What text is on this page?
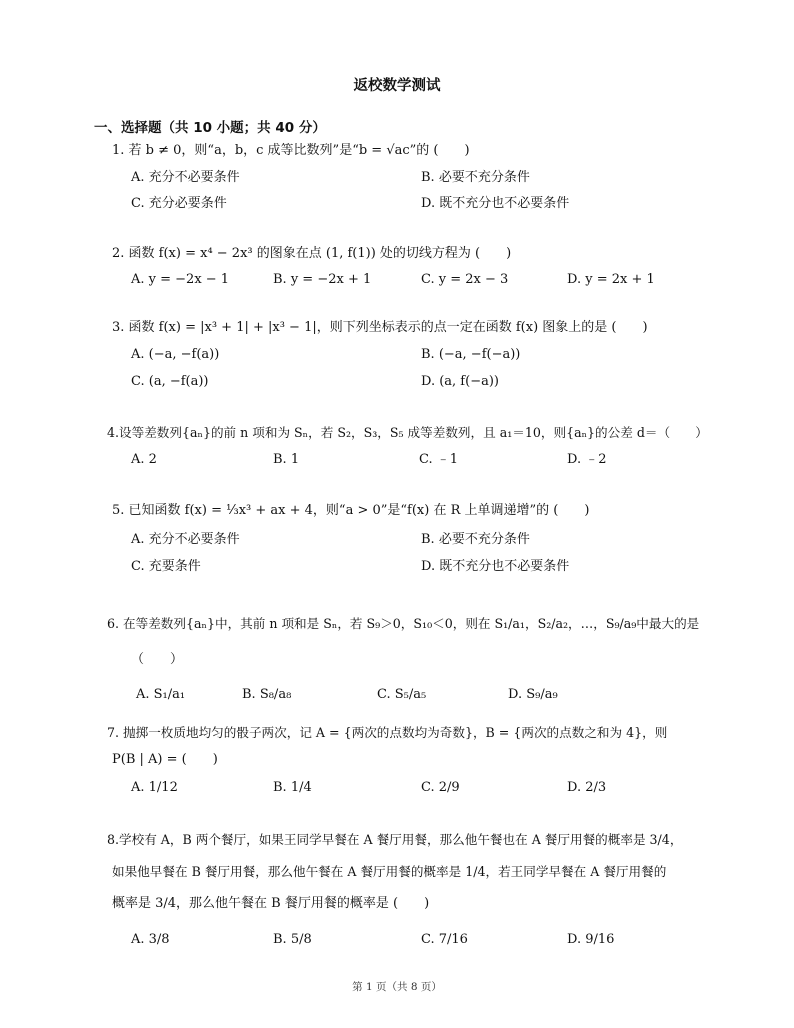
返校数学测试
一、选择题（共 10 小题；共 40 分）
1. 若 b ≠ 0，则“a，b，c 成等比数列”是“b = √ac”的 (　　)
A. 充分不必要条件	B. 必要不充分条件
C. 充分必要条件	D. 既不充分也不必要条件
2. 函数 f(x) = x⁴ − 2x³ 的图象在点 (1, f(1)) 处的切线方程为 (　　)
A. y = −2x − 1	B. y = −2x + 1	C. y = 2x − 3	D. y = 2x + 1
3. 函数 f(x) = |x³ + 1| + |x³ − 1|，则下列坐标表示的点一定在函数 f(x) 图象上的是 (　　)
A. (−a, −f(a))	B. (−a, −f(−a))
C. (a, −f(a))	D. (a, f(−a))
4.设等差数列{aₙ}的前 n 项和为 Sₙ，若 S₂，S₃，S₅ 成等差数列，且 a₁＝10，则{aₙ}的公差 d＝（　　）
A. 2	B. 1	C. ﹣1	D. ﹣2
5. 已知函数 f(x) = ⅓x³ + ax + 4，则“a > 0”是“f(x) 在 R 上单调递增”的 (　　)
A. 充分不必要条件	B. 必要不充分条件
C. 充要条件	D. 既不充分也不必要条件
6. 在等差数列{aₙ}中，其前 n 项和是 Sₙ，若 S₉＞0，S₁₀＜0，则在 S₁/a₁，S₂/a₂，…，S₉/a₉中最大的是
（　　）
A. S₁/a₁	B. S₈/a₈	C. S₅/a₅	D. S₉/a₉
7. 抛掷一枚质地均匀的骰子两次，记 A = {两次的点数均为奇数}，B = {两次的点数之和为 4}，则
P(B | A) = (　　)
A. 1/12	B. 1/4	C. 2/9	D. 2/3
8.学校有 A，B 两个餐厅，如果王同学早餐在 A 餐厅用餐，那么他午餐也在 A 餐厅用餐的概率是 3/4，
如果他早餐在 B 餐厅用餐，那么他午餐在 A 餐厅用餐的概率是 1/4，若王同学早餐在 A 餐厅用餐的
概率是 3/4，那么他午餐在 B 餐厅用餐的概率是 (　　)
A. 3/8	B. 5/8	C. 7/16	D. 9/16
第 1 页（共 8 页）
